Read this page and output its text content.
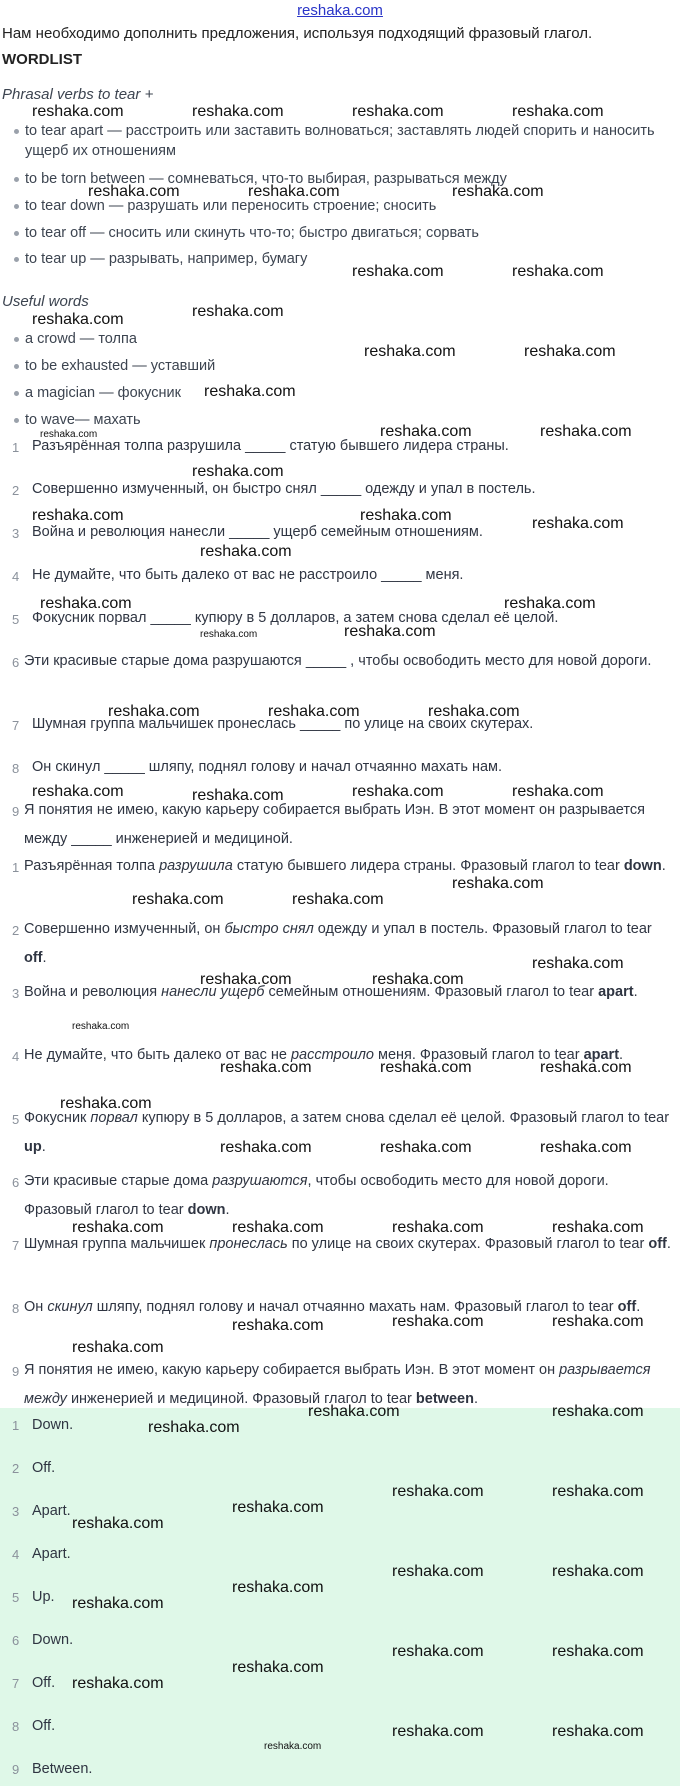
reshaka.com
Нам необходимо дополнить предложения, используя подходящий фразовый глагол.
WORDLIST
Phrasal verbs to tear +
to tear apart — расстроить или заставить волноваться; заставлять людей спорить и наносить ущерб их отношениям
to be torn between — сомневаться, что-то выбирая, разрываться между
to tear down — разрушать или переносить строение; сносить
to tear off — сносить или скинуть что-то; быстро двигаться; сорвать
to tear up — разрывать, например, бумагу
Useful words
a crowd — толпа
to be exhausted — уставший
a magician — фокусник
to wave— махать
1 Разъярённая толпа разрушила _____ статую бывшего лидера страны.
2 Совершенно измученный, он быстро снял _____ одежду и упал в постель.
3 Война и революция нанесли _____ ущерб семейным отношениям.
4 Не думайте, что быть далеко от вас не расстроило _____ меня.
5 Фокусник порвал _____ купюру в 5 долларов, а затем снова сделал её целой.
6 Эти красивые старые дома разрушаются _____ , чтобы освободить место для новой дороги.
7 Шумная группа мальчишек пронеслась _____ по улице на своих скутерах.
8 Он скинул _____ шляпу, поднял голову и начал отчаянно махать нам.
9 Я понятия не имею, какую карьеру собирается выбрать Иэн. В этот момент он разрывается между _____ инженерией и медициной.
1 Разъярённая толпа разрушила статую бывшего лидера страны. Фразовый глагол to tear down.
2 Совершенно измученный, он быстро снял одежду и упал в постель. Фразовый глагол to tear off.
3 Война и революция нанесли ущерб семейным отношениям. Фразовый глагол to tear apart.
4 Не думайте, что быть далеко от вас не расстроило меня. Фразовый глагол to tear apart.
5 Фокусник порвал купюру в 5 долларов, а затем снова сделал её целой. Фразовый глагол to tear up.
6 Эти красивые старые дома разрушаются, чтобы освободить место для новой дороги. Фразовый глагол to tear down.
7 Шумная группа мальчишек пронеслась по улице на своих скутерах. Фразовый глагол to tear off.
8 Он скинул шляпу, поднял голову и начал отчаянно махать нам. Фразовый глагол to tear off.
9 Я понятия не имею, какую карьеру собирается выбрать Иэн. В этот момент он разрывается между инженерией и медициной. Фразовый глагол to tear between.
1 Down.
2 Off.
3 Apart.
4 Apart.
5 Up.
6 Down.
7 Off.
8 Off.
9 Between.
reshaka.com	reshaka.com	reshaka.com	reshaka.com
reshaka.com	reshaka.com	reshaka.com
reshaka.com	reshaka.com
reshaka.com
reshaka.com
reshaka.com	reshaka.com
reshaka.com
reshaka.com	reshaka.com	reshaka.com
reshaka.com
reshaka.com	reshaka.com	reshaka.com
reshaka.com
reshaka.com	reshaka.com
reshaka.com	reshaka.com
reshaka.com	reshaka.com	reshaka.com
reshaka.com	reshaka.com	reshaka.com	reshaka.com
reshaka.com
reshaka.com	reshaka.com
reshaka.com
reshaka.com	reshaka.com
reshaka.com
reshaka.com	reshaka.com	reshaka.com
reshaka.com
reshaka.com	reshaka.com	reshaka.com
reshaka.com	reshaka.com	reshaka.com	reshaka.com
reshaka.com	reshaka.com
reshaka.com
reshaka.com
reshaka.com	reshaka.com
reshaka.com
reshaka.com	reshaka.com
reshaka.com
reshaka.com
reshaka.com	reshaka.com
reshaka.com
reshaka.com
reshaka.com	reshaka.com
reshaka.com
reshaka.com
reshaka.com
reshaka.com	reshaka.com
